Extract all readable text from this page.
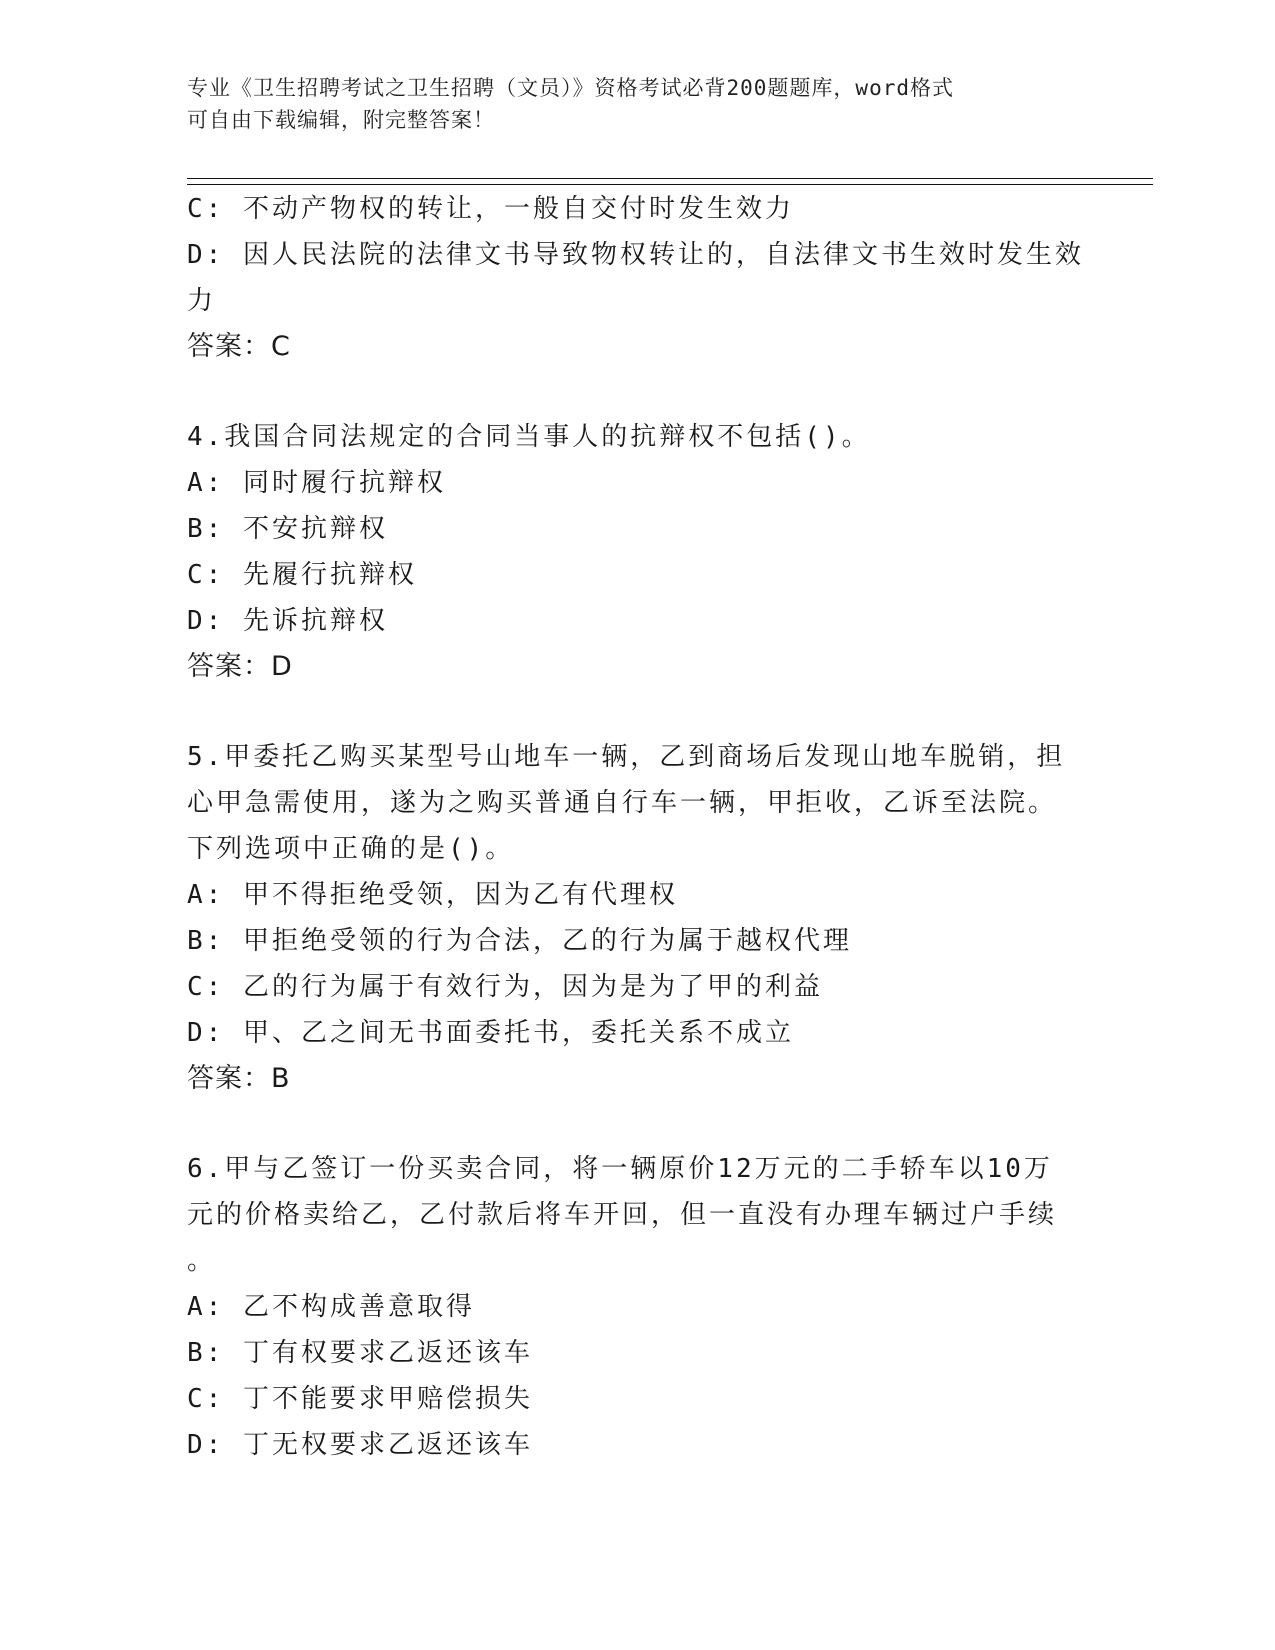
专业《卫生招聘考试之卫生招聘（文员）》资格考试必背200题题库，word格式
可自由下载编辑，附完整答案！
C: 不动产物权的转让，一般自交付时发生效力
D: 因人民法院的法律文书导致物权转让的，自法律文书生效时发生效
力
答案：C
4.我国合同法规定的合同当事人的抗辩权不包括()。
A: 同时履行抗辩权
B: 不安抗辩权
C: 先履行抗辩权
D: 先诉抗辩权
答案：D
5.甲委托乙购买某型号山地车一辆，乙到商场后发现山地车脱销，担
心甲急需使用，遂为之购买普通自行车一辆，甲拒收，乙诉至法院。
下列选项中正确的是()。
A: 甲不得拒绝受领，因为乙有代理权
B: 甲拒绝受领的行为合法，乙的行为属于越权代理
C: 乙的行为属于有效行为，因为是为了甲的利益
D: 甲、乙之间无书面委托书，委托关系不成立
答案：B
6.甲与乙签订一份买卖合同，将一辆原价12万元的二手轿车以10万
元的价格卖给乙，乙付款后将车开回，但一直没有办理车辆过户手续
。
A: 乙不构成善意取得
B: 丁有权要求乙返还该车
C: 丁不能要求甲赔偿损失
D: 丁无权要求乙返还该车
